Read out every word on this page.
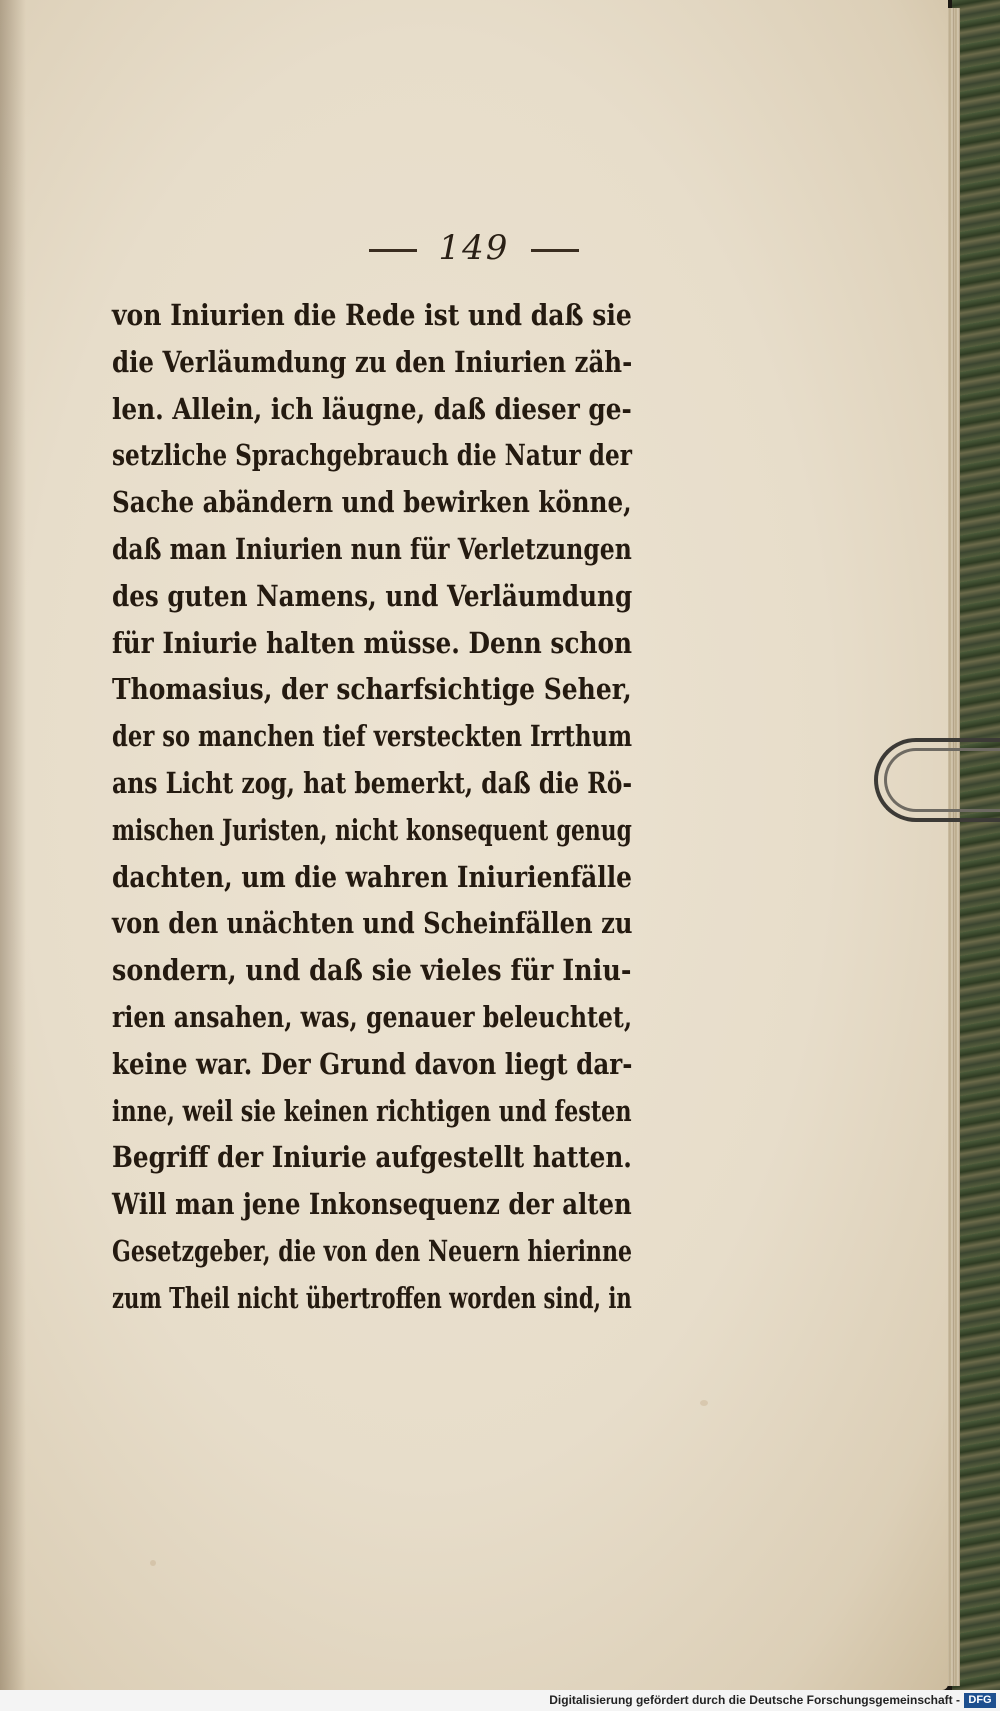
149
von Iniurien die Rede ist und daß sie
die Verläumdung zu den Iniurien zäh-
len. Allein, ich läugne, daß dieser ge-
setzliche Sprachgebrauch die Natur der
Sache abändern und bewirken könne,
daß man Iniurien nun für Verletzungen
des guten Namens, und Verläumdung
für Iniurie halten müsse. Denn schon
Thomasius, der scharfsichtige Seher,
der so manchen tief versteckten Irrthum
ans Licht zog, hat bemerkt, daß die Rö-
mischen Juristen, nicht konsequent genug
dachten, um die wahren Iniurienfälle
von den unächten und Scheinfällen zu
sondern, und daß sie vieles für Iniu-
rien ansahen, was, genauer beleuchtet,
keine war. Der Grund davon liegt dar-
inne, weil sie keinen richtigen und festen
Begriff der Iniurie aufgestellt hatten.
Will man jene Inkonsequenz der alten
Gesetzgeber, die von den Neuern hierinne
zum Theil nicht übertroffen worden sind, in
Digitalisierung gefördert durch die Deutsche Forschungsgemeinschaft - DFG
